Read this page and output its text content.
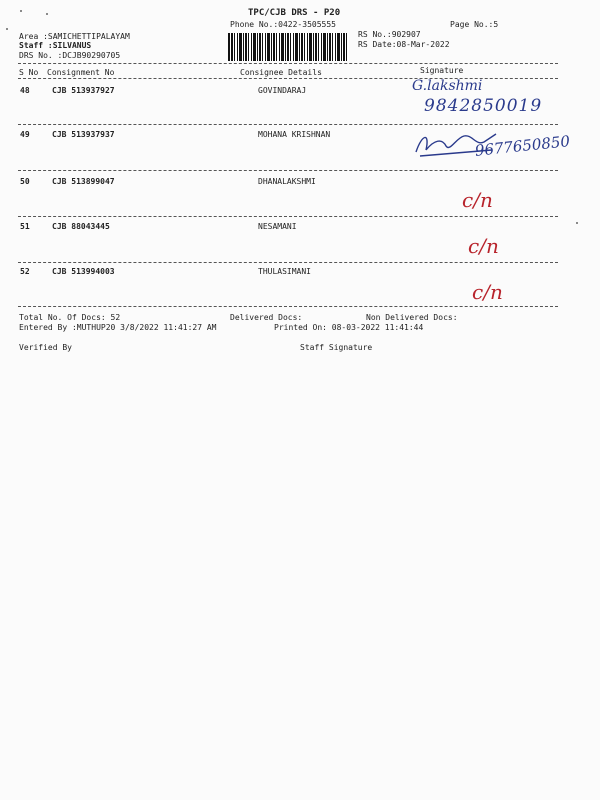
TPC/CJB DRS - P20
Phone No.:0422-3505555	Page No.:5
Area :SAMICHETTIPALAYAM
Staff :SILVANUS
DRS No. :DCJB90290705
RS No.:902907
RS Date:08-Mar-2022
S No Consignment No	Consignee Details	Signature
48	CJB 513937927	GOVINDARAJ	G.lakshmi
9842850019
49	CJB 513937937	MOHANA KRISHNAN	9677650850
50	CJB 513899047	DHANALAKSHMI
c/n
51	CJB 88043445	NESAMANI
c/n
52	CJB 513994003	THULASIMANI
c/n
Total No. Of Docs: 52	Delivered Docs:	Non Delivered Docs:
Entered By :MUTHUP20 3/8/2022 11:41:27 AM	Printed On: 08-03-2022 11:41:44
Verified By	Staff Signature
